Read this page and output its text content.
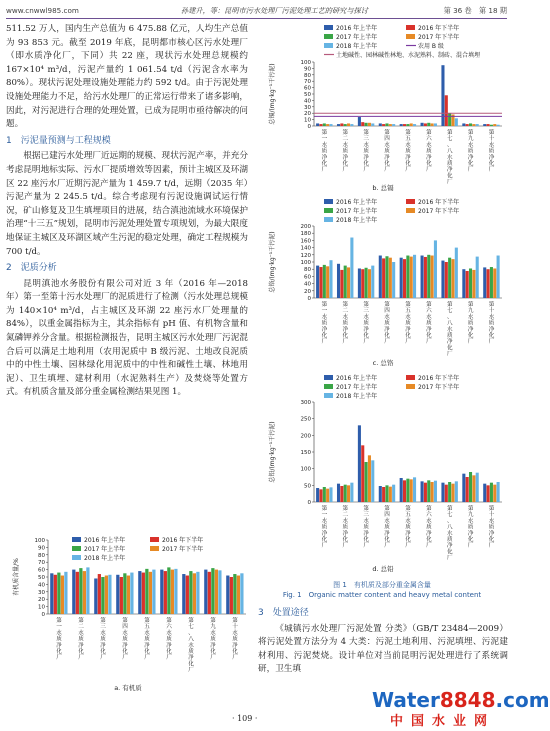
www.cnwwl985.com	孙建升，等：昆明市污水处理厂污泥处理工艺的研究与探讨	第 36 卷　 第 18 期

511.52 万人，国内生产总值为 6 475.88 亿元，人均生产总值为 93 853 元。截至 2019 年底，昆明都市核心区污水处理厂（即水质净化厂，下同）共 22 座，现状污水处理总规模约 167×10⁴ m³/d，污泥产量约 1 061.54 t/d（污泥含水率为 80%）。现状污泥处理设施处理能力约 592 t/d。由于污泥处理设施处理能力不足，给污水处理厂的正常运行带来了诸多影响，因此，对污泥进行合理的处理处置，已成为昆明市亟待解决的问题。

1　污泥量预测与工程规模

根据已建污水处理厂近远期的规模、现状污泥产率，并充分考虑昆明地标实际、污水厂提质增效等因素，预计主城区及环湖区 22 座污水厂近期污泥产量为 1 459.7 t/d，远期（2035 年）污泥产量为 2 245.5 t/d。综合考虑现有污泥设施调试运行情况，矿山修复及卫生填埋项目的进展，结合滇池流域水环境保护治理“十三五”规划，昆明市污泥处理处置专项规划，为最大限度地保证主城区及环湖区域产生污泥的稳定处理，确定工程规模为 700 t/d。

2　泥质分析

昆明滇池水务股份有限公司对近 3 年（2016 年—2018 年）第一至第十污水处理厂的泥质进行了检测（污水处理总规模为 140×10⁴ m³/d，占主城区及环湖 22 座污水厂处理量的 84%），以重金属指标为主，其余指标有 pH 值、有机物含量和氮磷钾养分含量。根据检测报告，昆明主城区污水处理厂污泥混合后可以满足土地利用（农用泥质中 B 级污泥、土地改良泥质中的中性土壤、园林绿化用泥质中的中性和碱性土壤、林地用泥）、卫生填埋、建材利用（水泥熟料生产）及焚烧等处置方式。有机质含量及部分重金属检测结果见图 1。

2016 年上半年	2016 年下半年
2017 年上半年	2017 年下半年
2018 年上半年
0
10
20
30
40
50
60
70
80
90
100
有机质含量/%
第一水质净化厂
第二水质净化厂
第三水质净化厂
第四水质净化厂
第五水质净化厂
第六水质净化厂
第七、八水质净化厂
第九水质净化厂
第十水质净化厂
a. 有机质
2016 年上半年	2016 年下半年
2017 年上半年	2017 年下半年
2018 年上半年	农用 B 级
土地碱性、园林碱性林地、水泥熟料、制砖、混合填埋
0
10
20
30
40
50
60
70
80
90
100
总镉/(mg·kg⁻¹干污泥)
第一水质净化厂
第二水质净化厂
第三水质净化厂
第四水质净化厂
第五水质净化厂
第六水质净化厂
第七、八水质净化厂
第九水质净化厂
第十水质净化厂
b. 总镉
2016 年上半年	2016 年下半年
2017 年上半年	2017 年下半年
2018 年上半年
0
20
40
60
80
100
120
140
160
180
200
总铬/(mg·kg⁻¹干污泥)
第一水质净化厂
第二水质净化厂
第三水质净化厂
第四水质净化厂
第五水质净化厂
第六水质净化厂
第七、八水质净化厂
第九水质净化厂
第十水质净化厂
c. 总铬
2016 年上半年	2016 年下半年
2017 年上半年	2017 年下半年
2018 年上半年
0
50
100
150
200
250
300
总铅/(mg·kg⁻¹干污泥)
第一水质净化厂
第二水质净化厂
第三水质净化厂
第四水质净化厂
第五水质净化厂
第六水质净化厂
第七、八水质净化厂
第九水质净化厂
第十水质净化厂
d. 总铅
图 1　有机质及部分重金属含量
Fig. 1　Organic matter content and heavy metal content
3　处置途径

《城镇污水处理厂污泥处置 分类》（GB/T 23484—2009）将污泥处置方法分为 4 大类：污泥土地利用、污泥填埋、污泥建材利用、污泥焚烧。设计单位对当前昆明污泥处理进行了系统调研，卫生填

· 109 ·
Water8848.com
中国水业网
